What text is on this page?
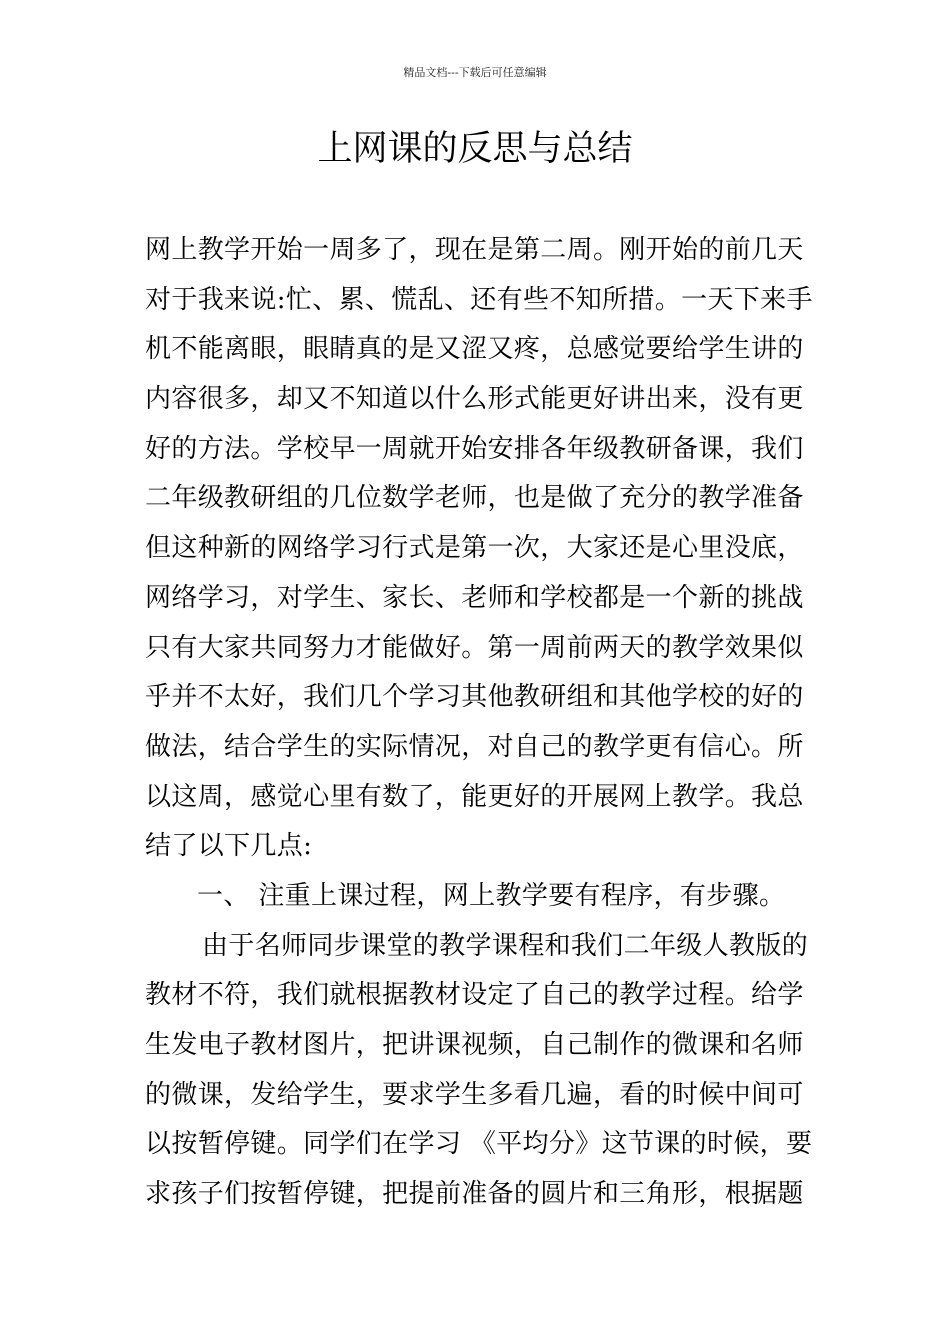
精品文档---下载后可任意编辑
上网课的反思与总结
网上教学开始一周多了，现在是第二周。刚开始的前几天
对于我来说:忙、累、慌乱、还有些不知所措。一天下来手
机不能离眼，眼睛真的是又涩又疼，总感觉要给学生讲的
内容很多，却又不知道以什么形式能更好讲出来，没有更
好的方法。学校早一周就开始安排各年级教研备课，我们
二年级教研组的几位数学老师，也是做了充分的教学准备
但这种新的网络学习行式是第一次，大家还是心里没底，
网络学习，对学生、家长、老师和学校都是一个新的挑战
只有大家共同努力才能做好。第一周前两天的教学效果似
乎并不太好，我们几个学习其他教研组和其他学校的好的
做法，结合学生的实际情况，对自己的教学更有信心。所
以这周，感觉心里有数了，能更好的开展网上教学。我总
结了以下几点:
一、 注重上课过程，网上教学要有程序，有步骤。
由于名师同步课堂的教学课程和我们二年级人教版的
教材不符，我们就根据教材设定了自己的教学过程。给学
生发电子教材图片，把讲课视频，自己制作的微课和名师
的微课，发给学生，要求学生多看几遍，看的时候中间可
以按暂停键。同学们在学习 《平均分》这节课的时候，要
求孩子们按暂停键，把提前准备的圆片和三角形，根据题
